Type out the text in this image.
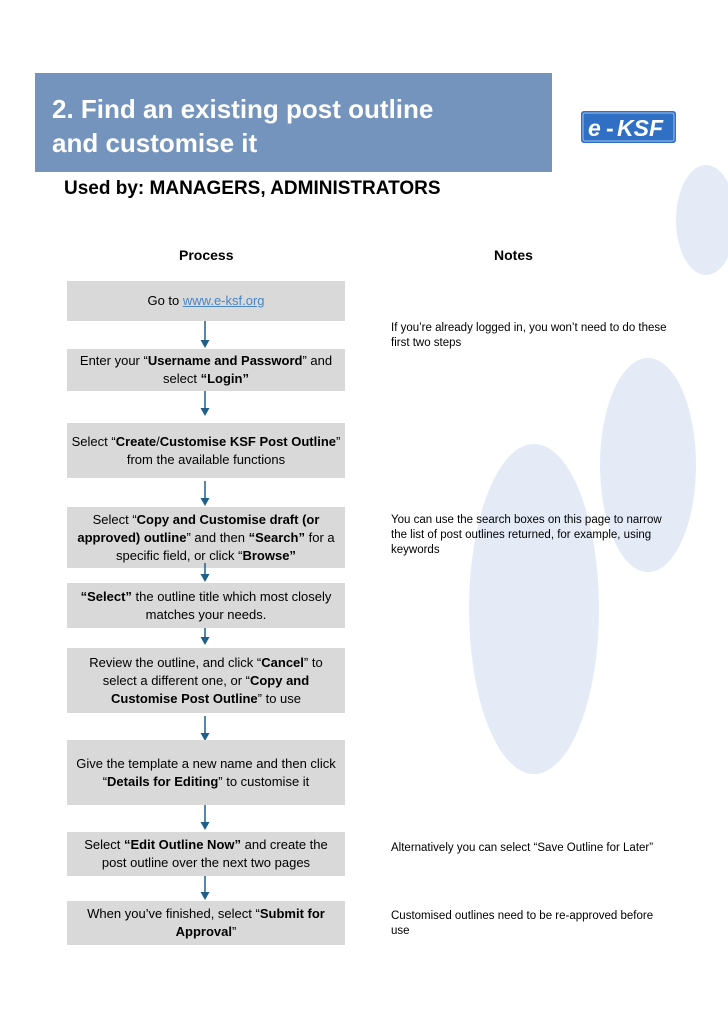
2. Find an existing post outline
and customise it	e - KSF

Used by: MANAGERS, ADMINISTRATORS

Process	Notes
Go to www.e-ksf.org
Enter your “Username and Password” and select “Login”
Select “Create/Customise KSF Post Outline” from the available functions
Select “Copy and Customise draft (or approved) outline” and then “Search” for a specific field, or click “Browse”
“Select” the outline title which most closely matches your needs.
Review the outline, and click “Cancel” to select a different one, or “Copy and Customise Post Outline” to use
Give the template a new name and then click “Details for Editing” to customise it
Select “Edit Outline Now” and create the post outline over the next two pages
When you’ve finished, select “Submit for Approval”
If you’re already logged in, you won’t need to do these first two steps
You can use the search boxes on this page to narrow the list of post outlines returned, for example, using keywords
Alternatively you can select “Save Outline for Later”
Customised outlines need to be re-approved before use
